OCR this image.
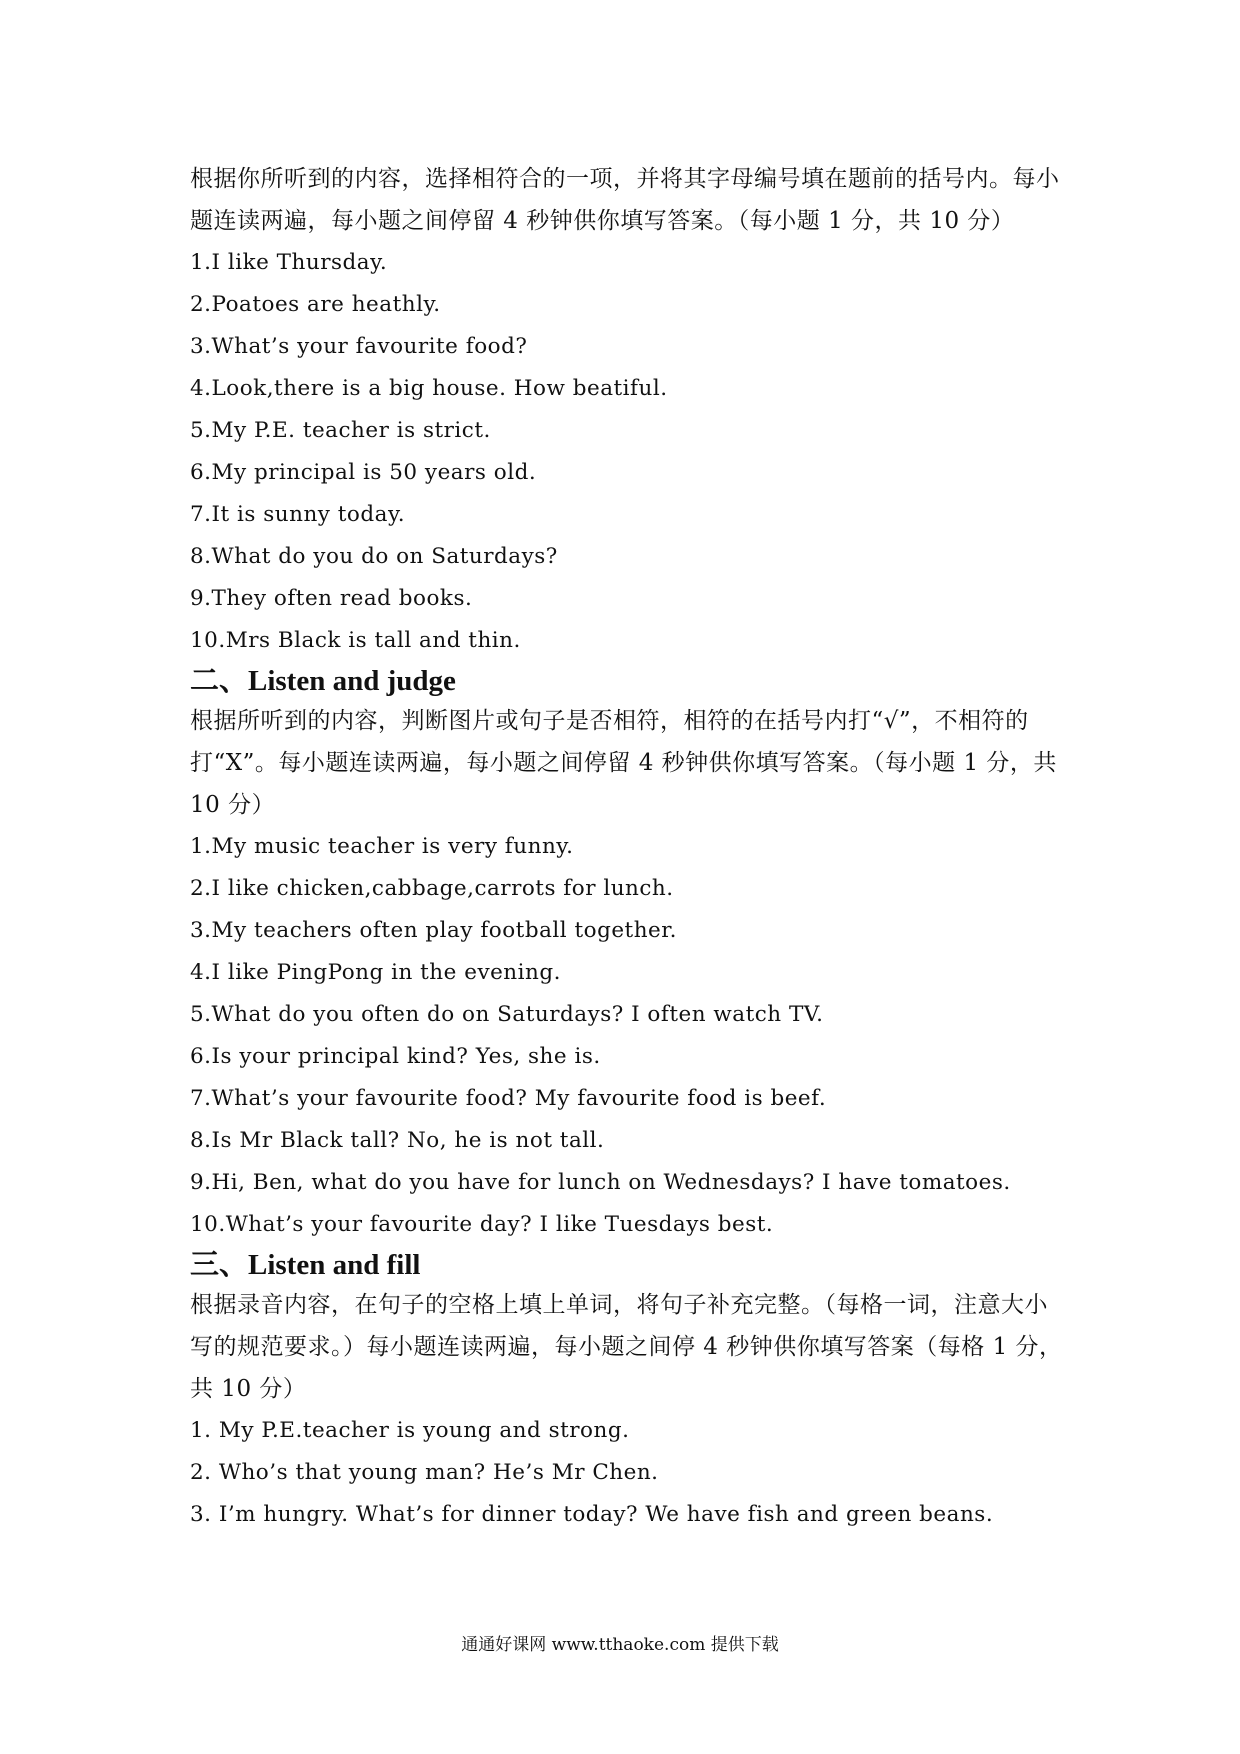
根据你所听到的内容，选择相符合的一项，并将其字母编号填在题前的括号内。每小题连读两遍，每小题之间停留 4 秒钟供你填写答案。（每小题 1 分，共 10 分）

1.I like Thursday.
2.Poatoes are heathly.
3.What’s your favourite food?
4.Look,there is a big house. How beatiful.
5.My P.E. teacher is strict.
6.My principal is 50 years old.
7.It is sunny today.
8.What do you do on Saturdays?
9.They often read books.
10.Mrs Black is tall and thin.
二、Listen and judge

根据所听到的内容，判断图片或句子是否相符，相符的在括号内打“√”，不相符的打“X”。每小题连读两遍，每小题之间停留 4 秒钟供你填写答案。（每小题 1 分，共 10 分）

1.My music teacher is very funny.
2.I like chicken,cabbage,carrots for lunch.
3.My teachers often play football together.
4.I like PingPong in the evening.
5.What do you often do on Saturdays? I often watch TV.
6.Is your principal kind? Yes, she is.
7.What’s your favourite food? My favourite food is beef.
8.Is Mr Black tall? No, he is not tall.
9.Hi, Ben, what do you have for lunch on Wednesdays? I have tomatoes.
10.What’s your favourite day? I like Tuesdays best.
三、Listen and fill

根据录音内容，在句子的空格上填上单词，将句子补充完整。（每格一词，注意大小写的规范要求。）每小题连读两遍，每小题之间停 4 秒钟供你填写答案（每格 1 分，共 10 分）

1. My P.E.teacher is young and strong.
2. Who’s that young man? He’s Mr Chen.
3. I’m hungry. What’s for dinner today? We have fish and green beans.
通通好课网 www.tthaoke.com 提供下载
